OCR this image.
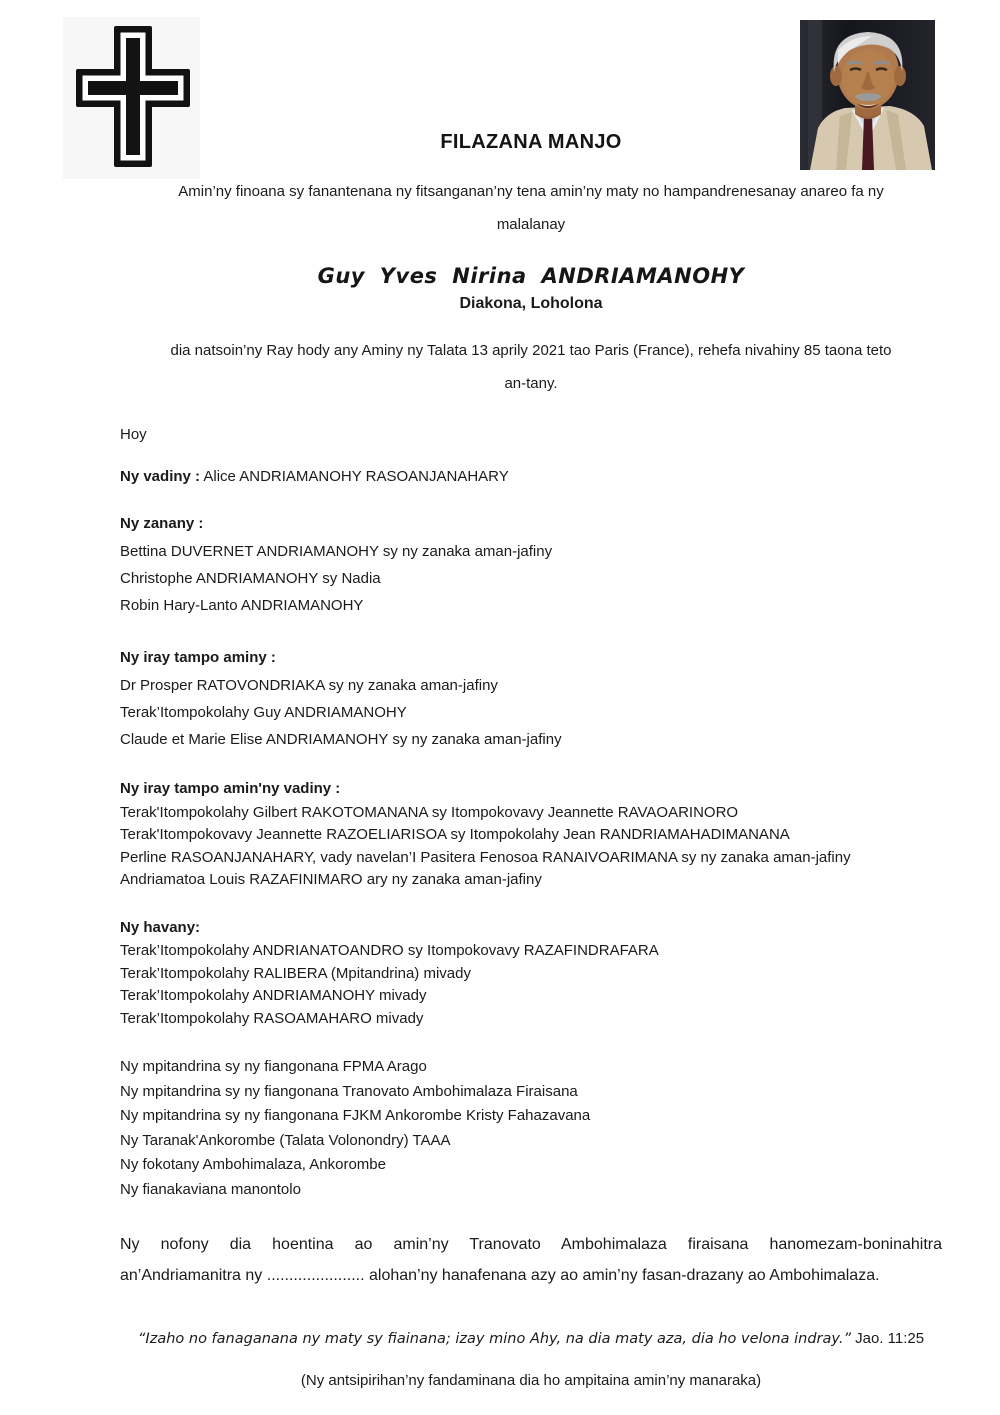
FILAZANA MANJO

Amin’ny finoana sy fanantenana ny fitsanganan’ny tena amin’ny maty no hampandrenesanay anareo fa ny
malalanay

Guy Yves Nirina ANDRIAMANOHY

Diakona, Loholona

dia natsoin’ny Ray hody any Aminy ny Talata 13 aprily 2021 tao Paris (France), rehefa nivahiny 85 taona teto
an-tany.

Hoy

Ny vadiny : Alice ANDRIAMANOHY RASOANJANAHARY

Ny zanany :

Bettina DUVERNET ANDRIAMANOHY sy ny zanaka aman-jafiny

Christophe ANDRIAMANOHY sy Nadia

Robin Hary-Lanto ANDRIAMANOHY

Ny iray tampo aminy :

Dr Prosper RATOVONDRIAKA sy ny zanaka aman-jafiny

Terak’Itompokolahy Guy ANDRIAMANOHY

Claude et Marie Elise ANDRIAMANOHY sy ny zanaka aman-jafiny

Ny iray tampo amin'ny vadiny :

Terak'Itompokolahy Gilbert RAKOTOMANANA sy Itompokovavy Jeannette RAVAOARINORO

Terak'Itompokovavy Jeannette RAZOELIARISOA sy Itompokolahy Jean RANDRIAMAHADIMANANA

Perline RASOANJANAHARY, vady navelan’I Pasitera Fenosoa RANAIVOARIMANA sy ny zanaka aman-jafiny

Andriamatoa Louis RAZAFINIMARO ary ny zanaka aman-jafiny

Ny havany:

Terak’Itompokolahy ANDRIANATOANDRO sy Itompokovavy RAZAFINDRAFARA

Terak’Itompokolahy RALIBERA (Mpitandrina) mivady

Terak’Itompokolahy ANDRIAMANOHY mivady

Terak’Itompokolahy RASOAMAHARO mivady

Ny mpitandrina sy ny fiangonana FPMA Arago

Ny mpitandrina sy ny fiangonana Tranovato Ambohimalaza Firaisana

Ny mpitandrina sy ny fiangonana FJKM Ankorombe Kristy Fahazavana

Ny Taranak'Ankorombe (Talata Volonondry) TAAA

Ny fokotany Ambohimalaza, Ankorombe

Ny fianakaviana manontolo

Ny nofony dia hoentina ao amin’ny Tranovato Ambohimalaza firaisana hanomezam-boninahitra
an’Andriamanitra ny ...................... alohan’ny hanafenana azy ao amin’ny fasan-drazany ao Ambohimalaza.

“Izaho no fanaganana ny maty sy fiainana; izay mino Ahy, na dia maty aza, dia ho velona indray.” Jao. 11:25

(Ny antsipirihan’ny fandaminana dia ho ampitaina amin’ny manaraka)
